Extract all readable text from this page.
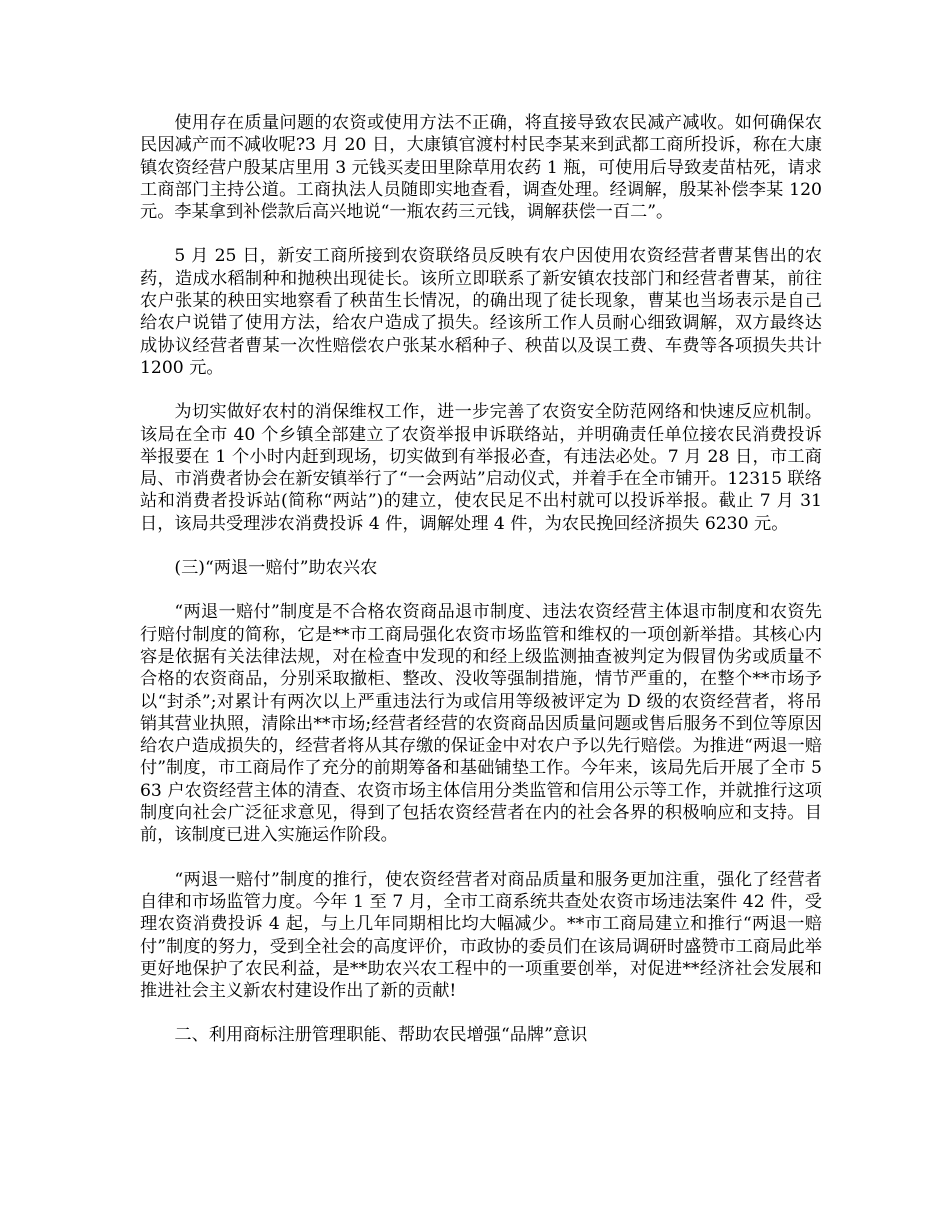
使用存在质量问题的农资或使用方法不正确，将直接导致农民减产减收。如何确保农民因减产而不减收呢?3 月 20 日，大康镇官渡村村民李某来到武都工商所投诉，称在大康镇农资经营户殷某店里用 3 元钱买麦田里除草用农药 1 瓶，可使用后导致麦苗枯死，请求工商部门主持公道。工商执法人员随即实地查看，调查处理。经调解，殷某补偿李某 120 元。李某拿到补偿款后高兴地说“一瓶农药三元钱，调解获偿一百二”。

5 月 25 日，新安工商所接到农资联络员反映有农户因使用农资经营者曹某售出的农药，造成水稻制种和抛秧出现徒长。该所立即联系了新安镇农技部门和经营者曹某，前往农户张某的秧田实地察看了秧苗生长情况，的确出现了徒长现象，曹某也当场表示是自己给农户说错了使用方法，给农户造成了损失。经该所工作人员耐心细致调解，双方最终达成协议经营者曹某一次性赔偿农户张某水稻种子、秧苗以及误工费、车费等各项损失共计 1200 元。

为切实做好农村的消保维权工作，进一步完善了农资安全防范网络和快速反应机制。该局在全市 40 个乡镇全部建立了农资举报申诉联络站，并明确责任单位接农民消费投诉举报要在 1 个小时内赶到现场，切实做到有举报必查，有违法必处。7 月 28 日，市工商局、市消费者协会在新安镇举行了“一会两站”启动仪式，并着手在全市铺开。12315 联络站和消费者投诉站(简称“两站”)的建立，使农民足不出村就可以投诉举报。截止 7 月 31 日，该局共受理涉农消费投诉 4 件，调解处理 4 件，为农民挽回经济损失 6230 元。

(三)“两退一赔付”助农兴农

“两退一赔付”制度是不合格农资商品退市制度、违法农资经营主体退市制度和农资先行赔付制度的简称，它是**市工商局强化农资市场监管和维权的一项创新举措。其核心内容是依据有关法律法规，对在检查中发现的和经上级监测抽查被判定为假冒伪劣或质量不合格的农资商品，分别采取撤柜、整改、没收等强制措施，情节严重的，在整个**市场予以“封杀”;对累计有两次以上严重违法行为或信用等级被评定为 D 级的农资经营者，将吊销其营业执照，清除出**市场;经营者经营的农资商品因质量问题或售后服务不到位等原因给农户造成损失的，经营者将从其存缴的保证金中对农户予以先行赔偿。为推进“两退一赔付”制度，市工商局作了充分的前期筹备和基础铺垫工作。今年来，该局先后开展了全市 563 户农资经营主体的清查、农资市场主体信用分类监管和信用公示等工作，并就推行这项制度向社会广泛征求意见，得到了包括农资经营者在内的社会各界的积极响应和支持。目前，该制度已进入实施运作阶段。

“两退一赔付”制度的推行，使农资经营者对商品质量和服务更加注重，强化了经营者自律和市场监管力度。今年 1 至 7 月，全市工商系统共查处农资市场违法案件 42 件，受理农资消费投诉 4 起，与上几年同期相比均大幅减少。**市工商局建立和推行“两退一赔付”制度的努力，受到全社会的高度评价，市政协的委员们在该局调研时盛赞市工商局此举更好地保护了农民利益，是**助农兴农工程中的一项重要创举，对促进**经济社会发展和推进社会主义新农村建设作出了新的贡献!

二、利用商标注册管理职能、帮助农民增强“品牌”意识
